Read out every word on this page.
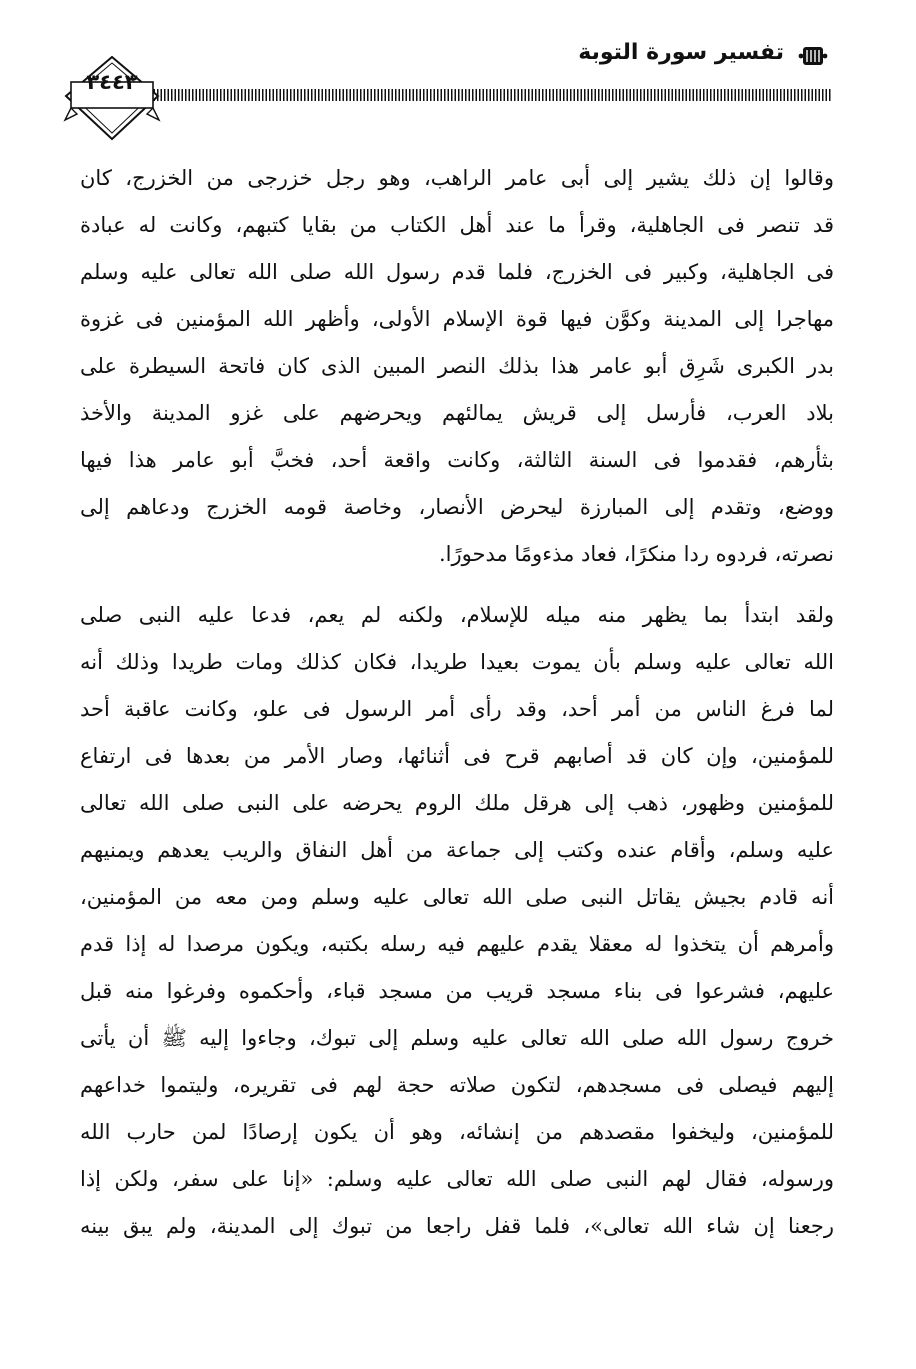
تفسير سورة التوبة
٣٤٤٣
وقالوا إن ذلك يشير إلى أبى عامر الراهب، وهو رجل خزرجى من الخزرج، كان
قد تنصر فى الجاهلية، وقرأ ما عند أهل الكتاب من بقايا كتبهم، وكانت له عبادة
فى الجاهلية، وكبير فى الخزرج، فلما قدم رسول الله صلى الله تعالى عليه وسلم
مهاجرا إلى المدينة وكوَّن فيها قوة الإسلام الأولى، وأظهر الله المؤمنين فى غزوة
بدر الكبرى شَرِق أبو عامر هذا بذلك النصر المبين الذى كان فاتحة السيطرة على
بلاد العرب، فأرسل إلى قريش يمالئهم ويحرضهم على غزو المدينة والأخذ
بثأرهم، فقدموا فى السنة الثالثة، وكانت واقعة أحد، فخبَّ أبو عامر هذا فيها
ووضع، وتقدم إلى المبارزة ليحرض الأنصار، وخاصة قومه الخزرج ودعاهم إلى
نصرته، فردوه ردا منكرًا، فعاد مذءومًا مدحورًا.
ولقد ابتدأ بما يظهر منه ميله للإسلام، ولكنه لم يعم، فدعا عليه النبى صلى
الله تعالى عليه وسلم بأن يموت بعيدا طريدا، فكان كذلك ومات طريدا وذلك أنه
لما فرغ الناس من أمر أحد، وقد رأى أمر الرسول فى علو، وكانت عاقبة أحد
للمؤمنين، وإن كان قد أصابهم قرح فى أثنائها، وصار الأمر من بعدها فى ارتفاع
للمؤمنين وظهور، ذهب إلى هرقل ملك الروم يحرضه على النبى صلى الله تعالى
عليه وسلم، وأقام عنده وكتب إلى جماعة من أهل النفاق والريب يعدهم ويمنيهم
أنه قادم بجيش يقاتل النبى صلى الله تعالى عليه وسلم ومن معه من المؤمنين،
وأمرهم أن يتخذوا له معقلا يقدم عليهم فيه رسله بكتبه، ويكون مرصدا له إذا قدم
عليهم، فشرعوا فى بناء مسجد قريب من مسجد قباء، وأحكموه وفرغوا منه قبل
خروج رسول الله صلى الله تعالى عليه وسلم إلى تبوك، وجاءوا إليه ﷺ أن يأتى
إليهم فيصلى فى مسجدهم، لتكون صلاته حجة لهم فى تقريره، وليتموا خداعهم
للمؤمنين، وليخفوا مقصدهم من إنشائه، وهو أن يكون إرصادًا لمن حارب الله
ورسوله، فقال لهم النبى صلى الله تعالى عليه وسلم: «إنا على سفر، ولكن إذا
رجعنا إن شاء الله تعالى»، فلما قفل راجعا من تبوك إلى المدينة، ولم يبق بينه
